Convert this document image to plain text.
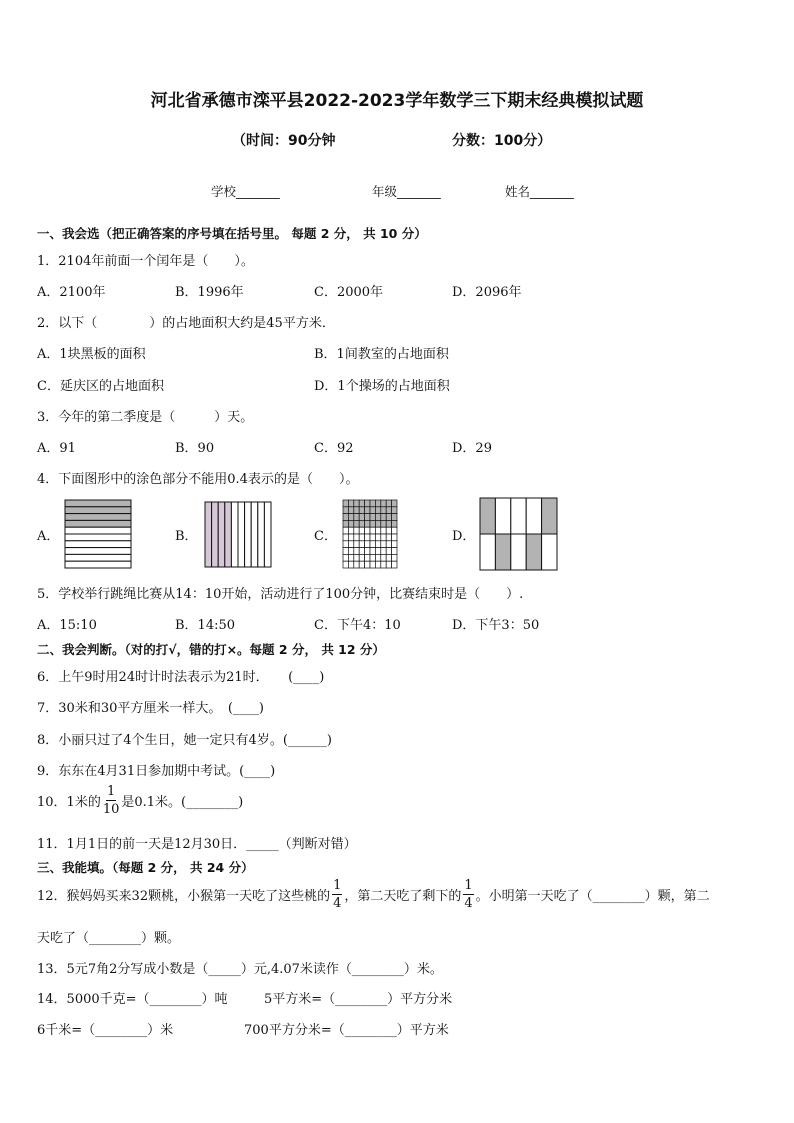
河北省承德市滦平县2022-2023学年数学三下期末经典模拟试题
（时间：90分钟	分数：100分）
学校_______	年级_______	姓名_______
一、我会选（把正确答案的序号填在括号里。 每题 2 分， 共 10 分）
1．2104年前面一个闰年是（　　）。
A．2100年	B．1996年	C．2000年	D．2096年
2．以下（　　　　）的占地面积大约是45平方米．
A．1块黑板的面积	B．1间教室的占地面积
C．延庆区的占地面积	D．1个操场的占地面积
3．今年的第二季度是（　　　）天。
A．91	B．90	C．92	D．29
4．下面图形中的涂色部分不能用0.4表示的是（　　）。
A．	B．	C．	D．
5．学校举行跳绳比赛从14：10开始，活动进行了100分钟，比赛结束时是（　　）.
A．15:10	B．14:50	C．下午4：10	D．下午3：50
二、我会判断。（对的打√，错的打×。每题 2 分， 共 12 分）
6．上午9时用24时计时法表示为21时．　　(____)
7．30米和30平方厘米一样大。　(____)
8．小丽只过了4个生日，她一定只有4岁。(______)
9．东东在4月31日参加期中考试。(____)
10．1米的 $\frac{1}{10}$ 是0.1米。(________)
11．1月1日的前一天是12月30日．_____（判断对错）
三、我能填。（每题 2 分， 共 24 分）
12．猴妈妈买来32颗桃，小猴第一天吃了这些桃的 $\frac{1}{4}$ ，第二天吃了剩下的 $\frac{1}{4}$ 。小明第一天吃了（________）颗，第二
天吃了（________）颗。
13．5元7角2分写成小数是（_____）元,4.07米读作（________）米。
14．5000千克=（________）吨	5平方米=（________）平方分米
6千米=（________）米	700平方分米=（________）平方米
